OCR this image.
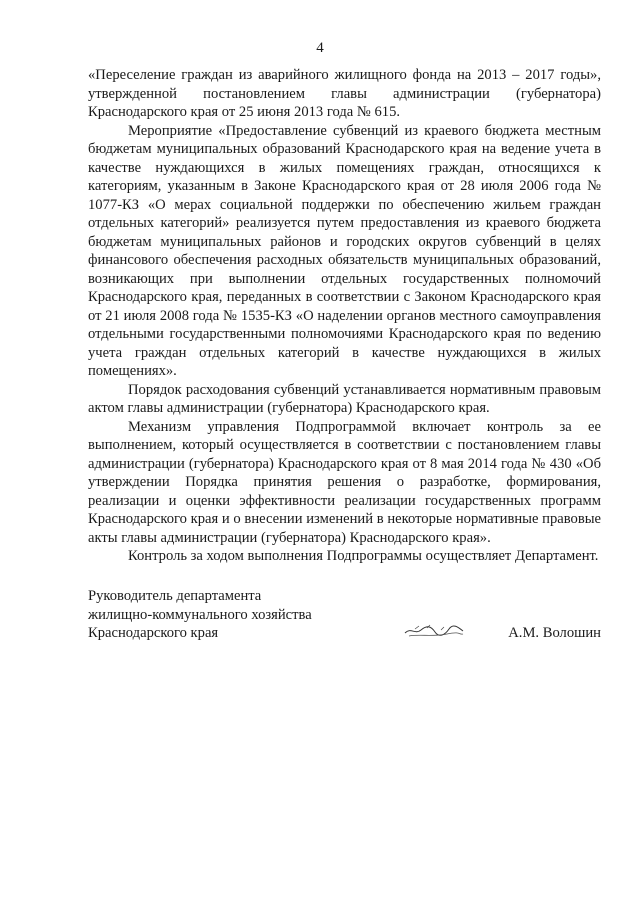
4

«Переселение граждан из аварийного жилищного фонда на 2013 – 2017 годы», утвержденной постановлением главы администрации (губернатора) Краснодарского края от 25 июня 2013 года № 615.

Мероприятие «Предоставление субвенций из краевого бюджета местным бюджетам муниципальных образований Краснодарского края на ведение учета в качестве нуждающихся в жилых помещениях граждан, относящихся к категориям, указанным в Законе Краснодарского края от 28 июля 2006 года № 1077-КЗ «О мерах социальной поддержки по обеспечению жильем граждан отдельных категорий» реализуется путем предоставления из краевого бюджета бюджетам муниципальных районов и городских округов субвенций в целях финансового обеспечения расходных обязательств муниципальных образований, возникающих при выполнении отдельных государственных полномочий Краснодарского края, переданных в соответствии с Законом Краснодарского края от 21 июля 2008 года № 1535-КЗ «О наделении органов местного самоуправления отдельными государственными полномочиями Краснодарского края по ведению учета граждан отдельных категорий в качестве нуждающихся в жилых помещениях».

Порядок расходования субвенций устанавливается нормативным правовым актом главы администрации (губернатора) Краснодарского края.

Механизм управления Подпрограммой включает контроль за ее выполнением, который осуществляется в соответствии с постановлением главы администрации (губернатора) Краснодарского края от 8 мая 2014 года № 430 «Об утверждении Порядка принятия решения о разработке, формирования, реализации и оценки эффективности реализации государственных программ Краснодарского края и о внесении изменений в некоторые нормативные правовые акты главы администрации (губернатора) Краснодарского края».

Контроль за ходом выполнения Подпрограммы осуществляет Департамент.

Руководитель департамента
жилищно-коммунального хозяйства
Краснодарского края	А.М. Волошин
